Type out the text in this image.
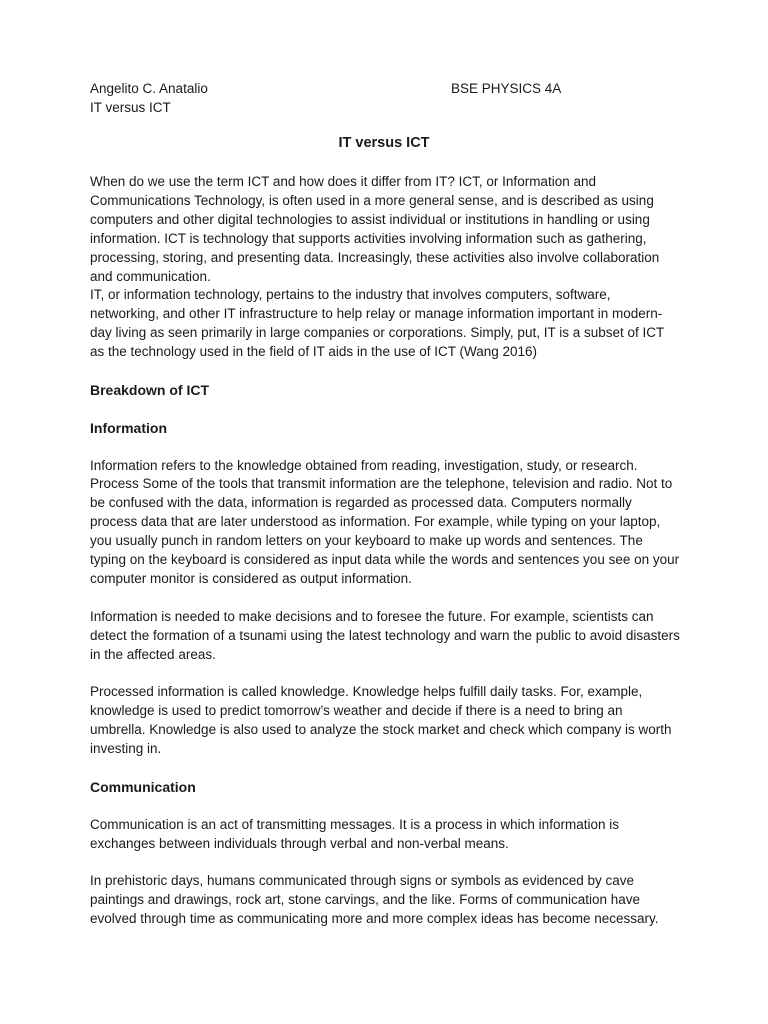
Angelito C. Anatalio	BSE PHYSICS 4A
IT versus ICT
IT versus ICT

When do we use the term ICT and how does it differ from IT? ICT, or Information and Communications Technology, is often used in a more general sense, and is described as using computers and other digital technologies to assist individual or institutions in handling or using information. ICT is technology that supports activities involving information such as gathering, processing, storing, and presenting data. Increasingly, these activities also involve collaboration and communication.

IT, or information technology, pertains to the industry that involves computers, software, networking, and other IT infrastructure to help relay or manage information important in modern-day living as seen primarily in large companies or corporations. Simply, put, IT is a subset of ICT as the technology used in the field of IT aids in the use of ICT (Wang 2016)

Breakdown of ICT
Information

Information refers to the knowledge obtained from reading, investigation, study, or research. Process Some of the tools that transmit information are the telephone, television and radio. Not to be confused with the data, information is regarded as processed data. Computers normally process data that are later understood as information. For example, while typing on your laptop, you usually punch in random letters on your keyboard to make up words and sentences. The typing on the keyboard is considered as input data while the words and sentences you see on your computer monitor is considered as output information.

Information is needed to make decisions and to foresee the future. For example, scientists can detect the formation of a tsunami using the latest technology and warn the public to avoid disasters in the affected areas.

Processed information is called knowledge. Knowledge helps fulfill daily tasks. For, example, knowledge is used to predict tomorrow’s weather and decide if there is a need to bring an umbrella. Knowledge is also used to analyze the stock market and check which company is worth investing in.

Communication

Communication is an act of transmitting messages. It is a process in which information is exchanges between individuals through verbal and non-verbal means.

In prehistoric days, humans communicated through signs or symbols as evidenced by cave paintings and drawings, rock art, stone carvings, and the like. Forms of communication have evolved through time as communicating more and more complex ideas has become necessary.
